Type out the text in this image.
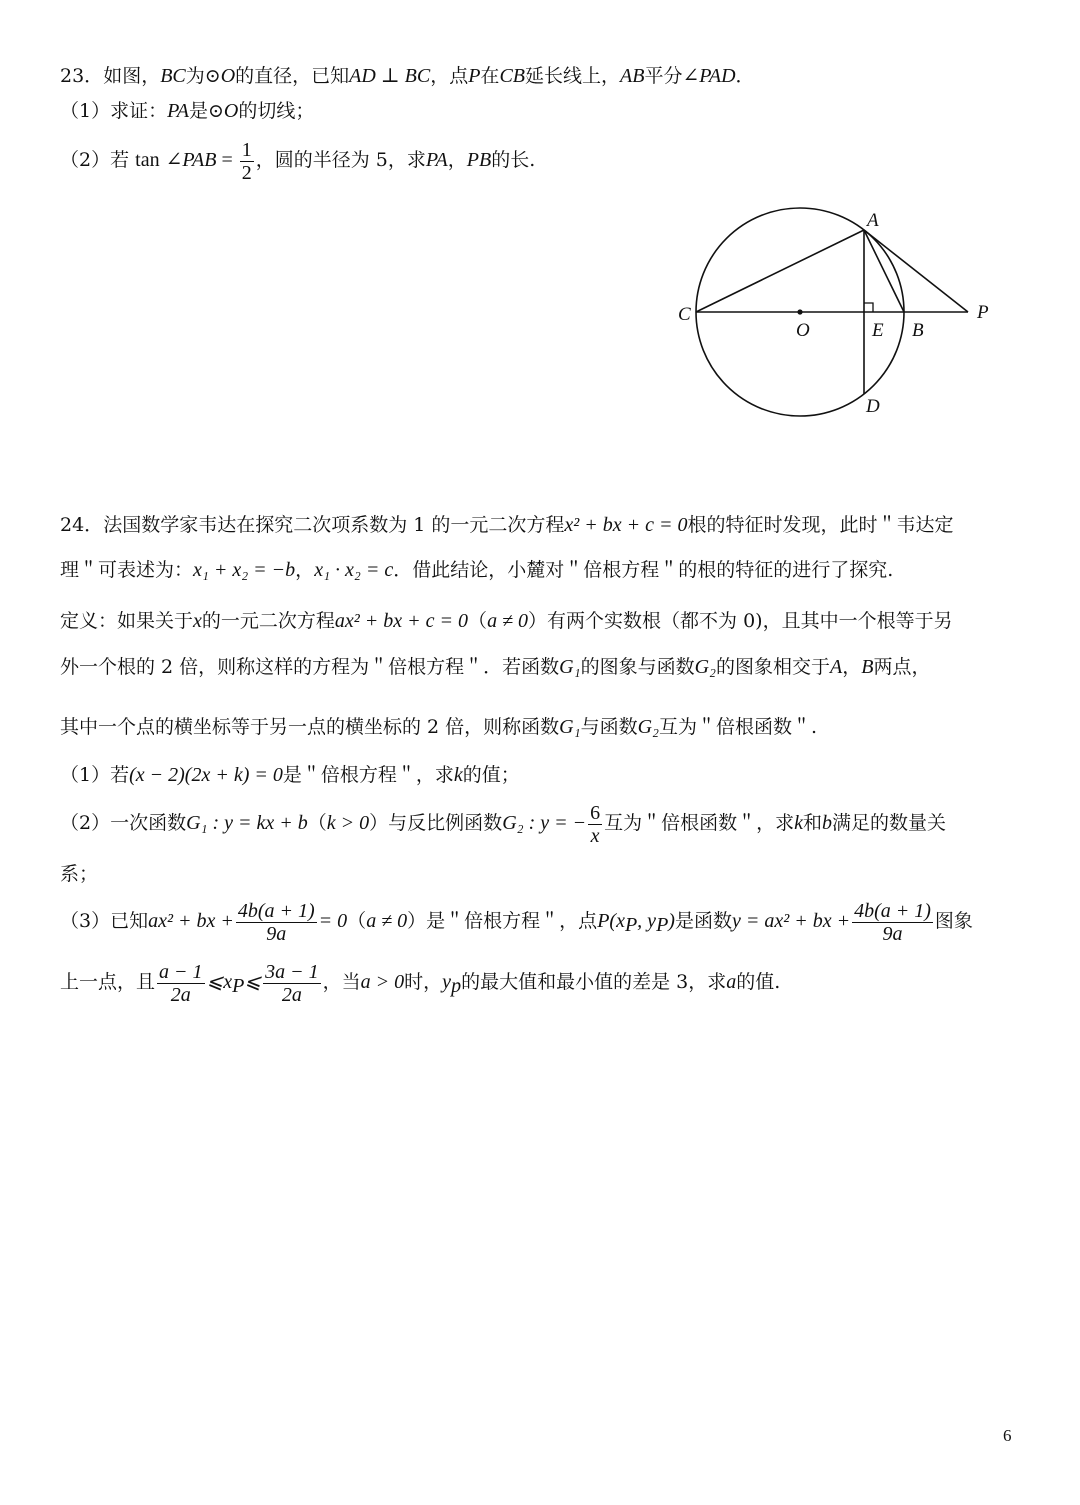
23．如图，BC为⊙O的直径，已知AD ⊥ BC，点P在CB延长线上，AB平分∠PAD．
（1）求证：PA是⊙O的切线；
（2）若 tan ∠PAB = $\frac{1}{2}$ ，圆的半径为 5，求PA，PB的长.
A
C
O	E B
P
D
24．法国数学家韦达在探究二次项系数为 1 的一元二次方程x² + bx + c = 0根的特征时发现，此时＂韦达定
理＂可表述为：x₁ + x₂ = −b，x₁ · x₂ = c．借此结论，小麓对＂倍根方程＂的根的特征的进行了探究.
定义：如果关于x的一元二次方程ax² + bx + c = 0（a ≠ 0）有两个实数根（都不为 0)，且其中一个根等于另
外一个根的 2 倍，则称这样的方程为＂倍根方程＂．若函数G₁的图象与函数G₂的图象相交于A，B两点，
其中一个点的横坐标等于另一点的横坐标的 2 倍，则称函数G₁与函数G₂互为＂倍根函数＂.
（1）若(x − 2)(2x + k) = 0是＂倍根方程＂，求k的值；
（2）一次函数G₁ : y = kx + b（k > 0）与反比例函数G₂ : y = − $\frac{6}{x}$ 互为＂倍根函数＂，求k和b满足的数量关
系；
（3）已知ax² + bx + $\frac{4b(a + 1)}{9a} = 0(a \ne 0)$是＂倍根方程＂，点$P(x_P$, $y_P$)是函数y = ax² + bx + $\frac{4b(a + 1)}{9a}$ 图象
上一点，且 $\frac{a - 1}{2a}$ $⩽x_P⩽ \frac{3a - 1}{2a}$ ，当a > 0时，$y_p$的最大值和最小值的差是 3，求a的值.
6
